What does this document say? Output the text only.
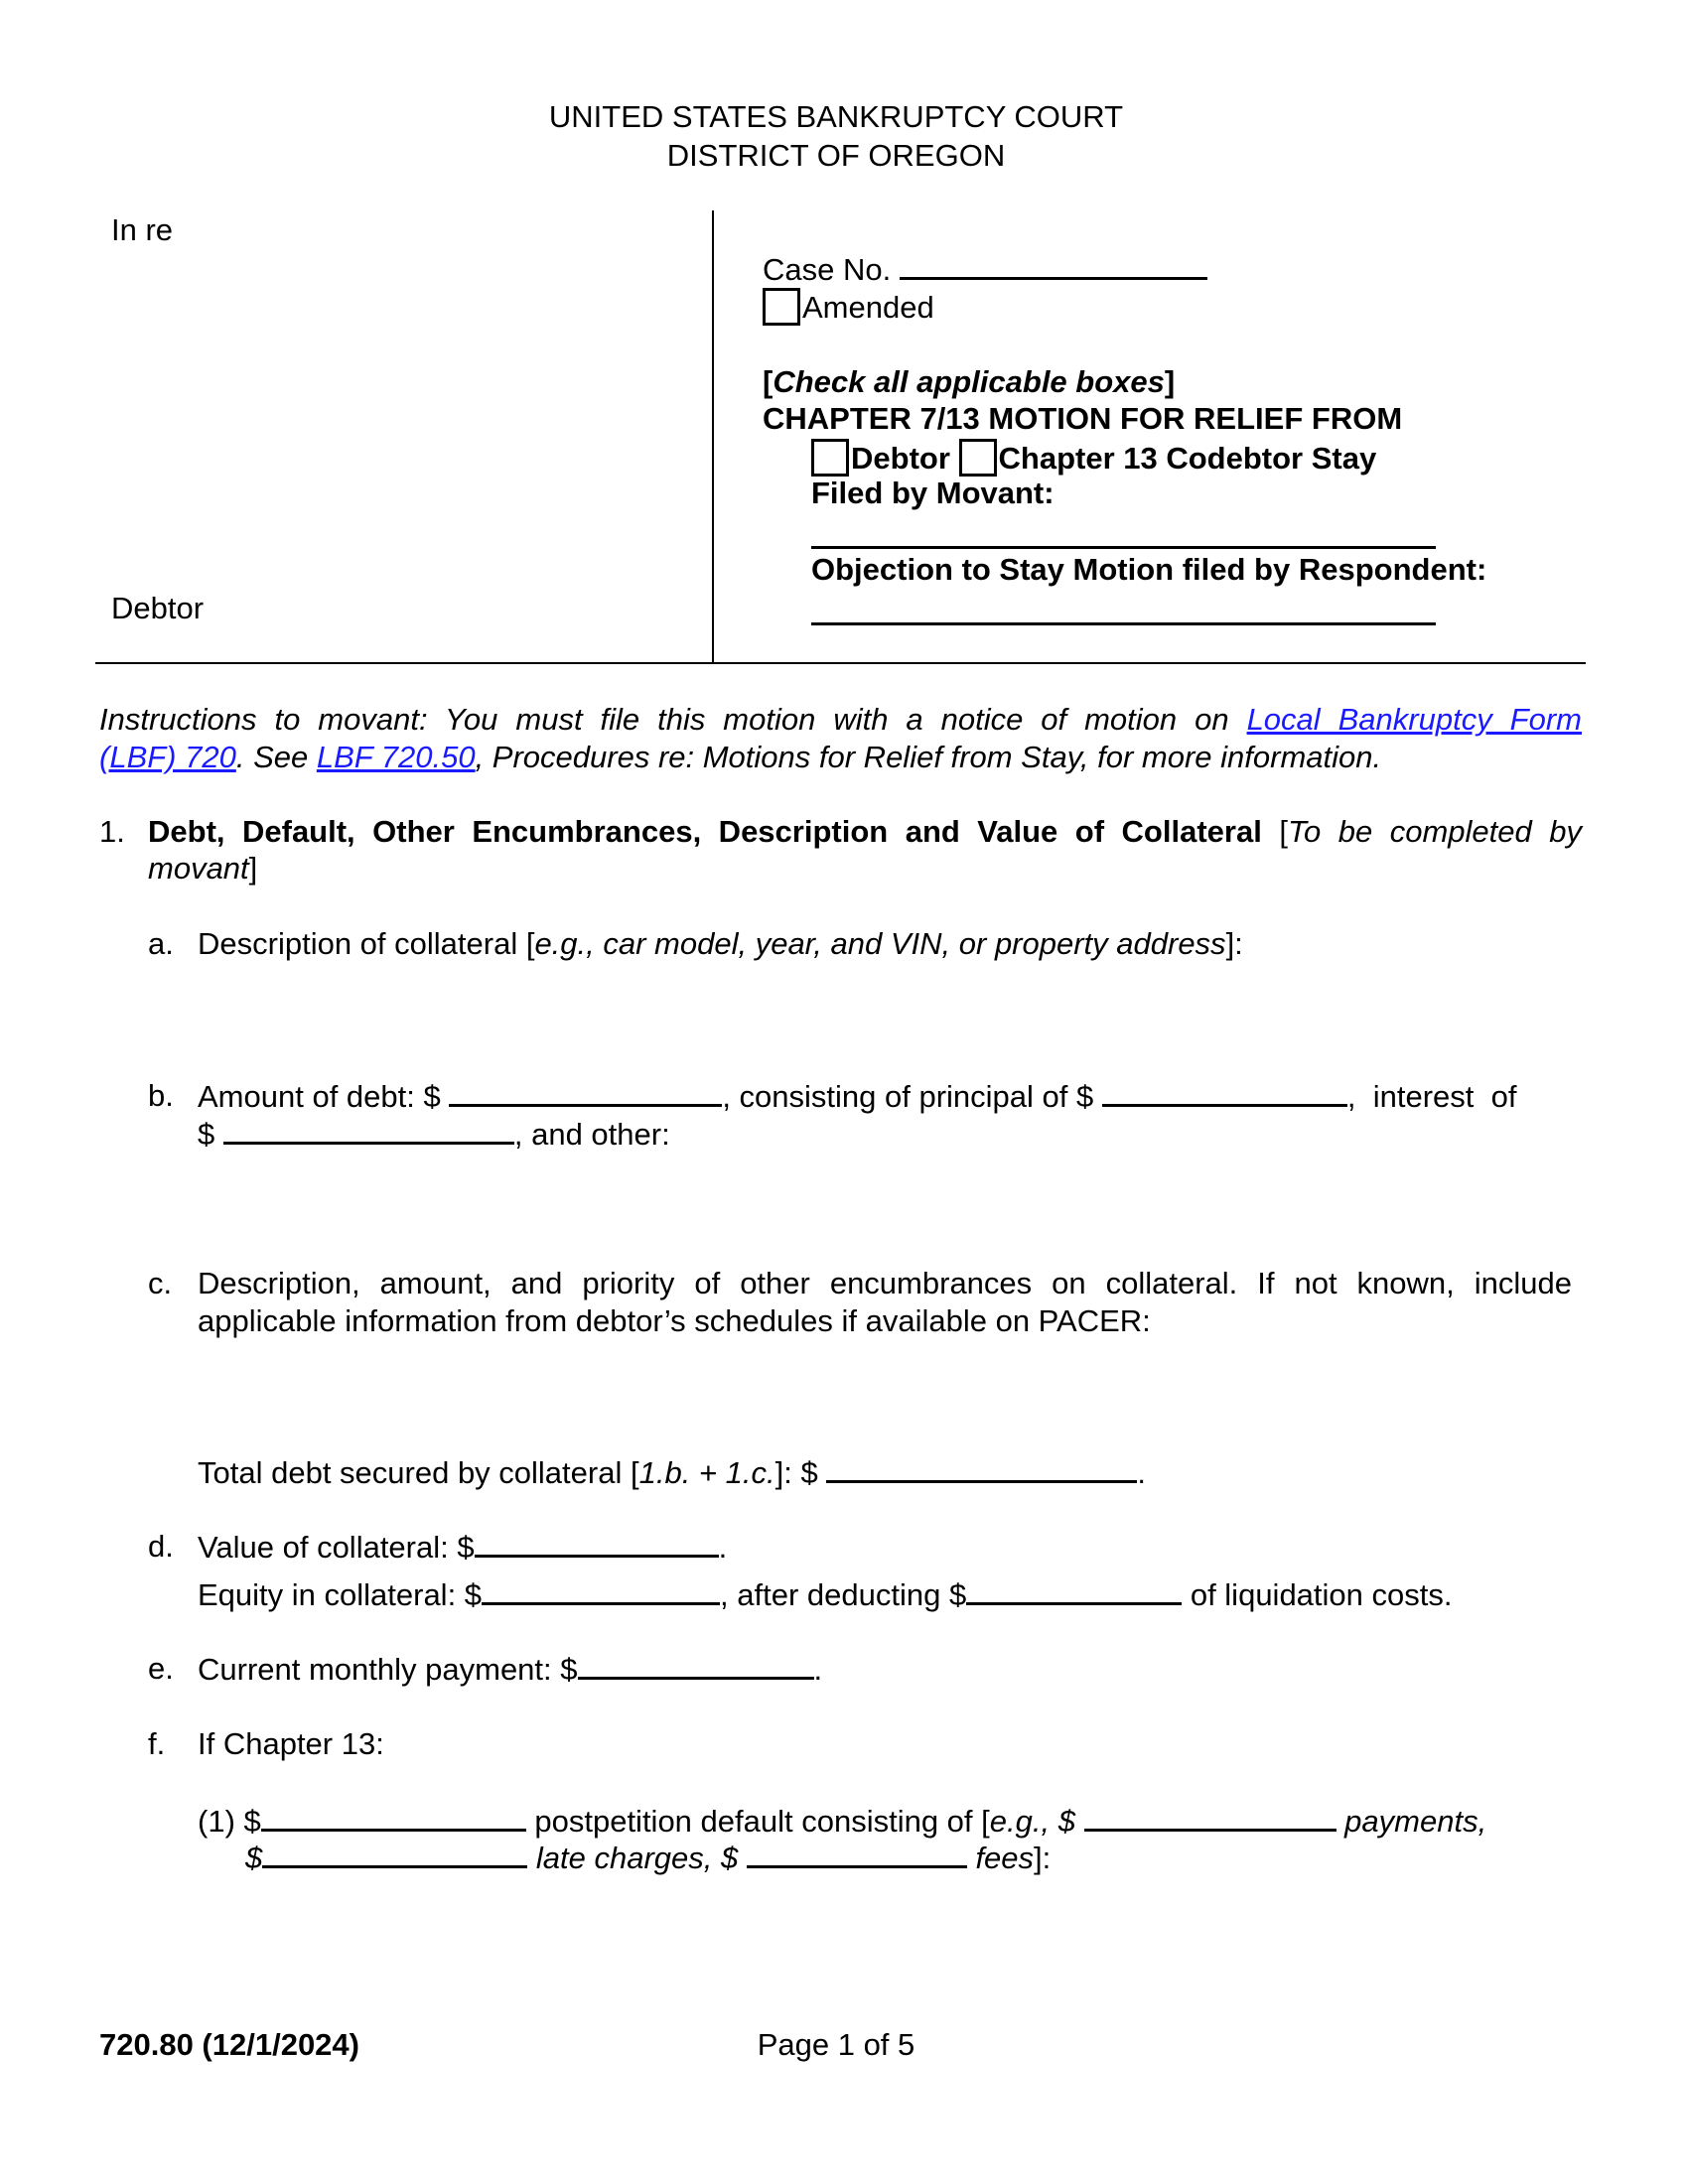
UNITED STATES BANKRUPTCY COURT
DISTRICT OF OREGON
In re
Debtor
Case No.
Amended
[Check all applicable boxes]
CHAPTER 7/13 MOTION FOR RELIEF FROM
Debtor Chapter 13 Codebtor Stay
Filed by Movant:
Objection to Stay Motion filed by Respondent:
Instructions to movant: You must file this motion with a notice of motion on Local Bankruptcy Form
(LBF) 720. See LBF 720.50, Procedures re: Motions for Relief from Stay, for more information.
1. Debt, Default, Other Encumbrances, Description and Value of Collateral [To be completed by
movant]
a. Description of collateral [e.g., car model, year, and VIN, or property address]:
b. Amount of debt: $	, consisting of principal of $	,  interest  of
$	, and other:
c. Description, amount, and priority of other encumbrances on collateral. If not known, include
applicable information from debtor’s schedules if available on PACER:
Total debt secured by collateral [1.b. + 1.c.]: $	.
d. Value of collateral: $	.
Equity in collateral: $	, after deducting $	of liquidation costs.
e. Current monthly payment: $	.
f. If Chapter 13:
(1) $	postpetition default consisting of [e.g., $	payments,
$	late charges, $	fees]:
720.80 (12/1/2024)	Page 1 of 5
